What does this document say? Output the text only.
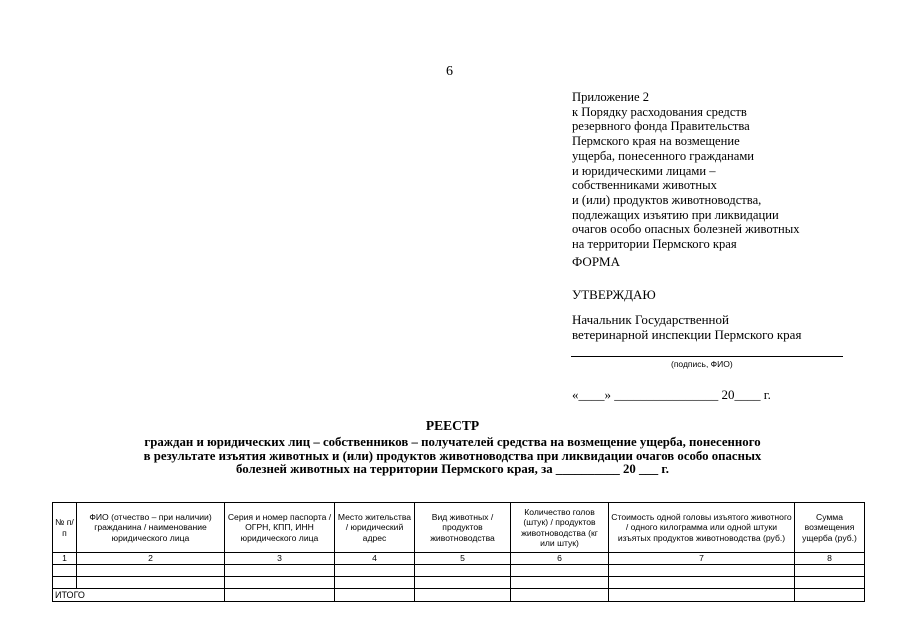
6
Приложение 2
к Порядку расходования средств
резервного фонда Правительства
Пермского края на возмещение
ущерба, понесенного гражданами
и юридическими лицами –
собственниками животных
и (или) продуктов животноводства,
подлежащих изъятию при ликвидации
очагов особо опасных болезней животных
на территории Пермского края
ФОРМА
УТВЕРЖДАЮ
Начальник Государственной
ветеринарной инспекции Пермского края
(подпись, ФИО)
«____» ________________ 20____ г.
РЕЕСТР
граждан и юридических лиц – собственников – получателей средства на возмещение ущерба, понесенного
в результате изъятия животных и (или) продуктов животноводства при ликвидации очагов особо опасных
болезней животных на территории Пермского края, за __________ 20 ___ г.
№ п/п	ФИО (отчество – при наличии) гражданина / наименование юридического лица	Серия и номер паспорта / ОГРН, КПП, ИНН юридического лица	Место жительства / юридический адрес	Вид животных / продуктов животноводства	Количество голов (штук) / продуктов животноводства (кг или штук)	Стоимость одной головы изъятого животного / одного килограмма или одной штуки изъятых продуктов животноводства (руб.)	Сумма возмещения ущерба (руб.)
1	2	3	4	5	6	7	8

ИТОГО							
